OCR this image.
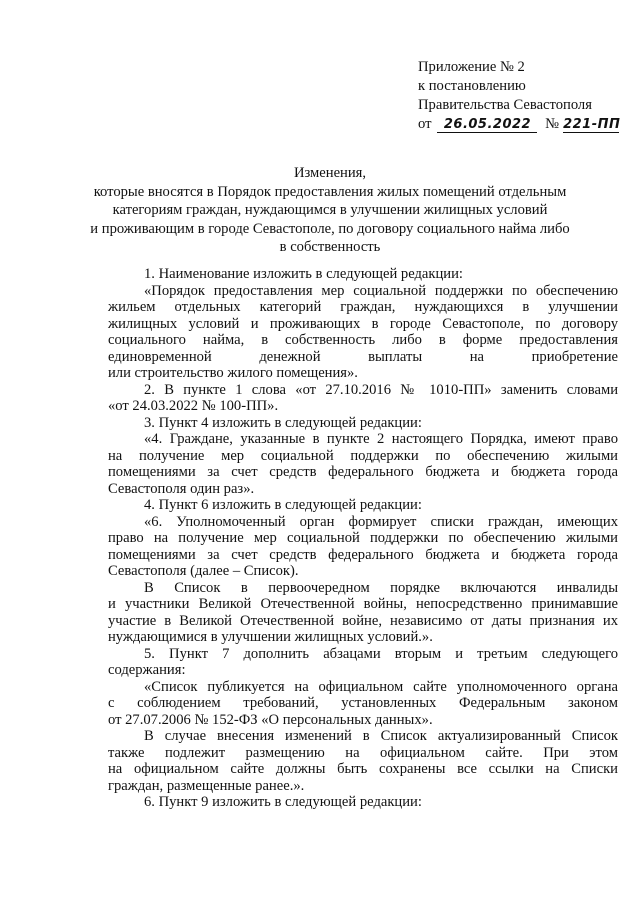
Приложение № 2
к постановлению
Правительства Севастополя
от 26.05.2022 № 221-ПП
Изменения,
которые вносятся в Порядок предоставления жилых помещений отдельным
категориям граждан, нуждающимся в улучшении жилищных условий
и проживающим в городе Севастополе, по договору социального найма либо
в собственность
1. Наименование изложить в следующей редакции:
«Порядок предоставления мер социальной поддержки по обеспечению
жильем отдельных категорий граждан, нуждающихся в улучшении
жилищных условий и проживающих в городе Севастополе, по договору
социального найма, в собственность либо в форме предоставления
единовременной денежной выплаты на приобретение
или строительство жилого помещения».
2. В пункте 1 слова «от 27.10.2016 № 1010-ПП» заменить словами
«от 24.03.2022 № 100-ПП».
3. Пункт 4 изложить в следующей редакции:
«4. Граждане, указанные в пункте 2 настоящего Порядка, имеют право
на получение мер социальной поддержки по обеспечению жилыми
помещениями за счет средств федерального бюджета и бюджета города
Севастополя один раз».
4. Пункт 6 изложить в следующей редакции:
«6. Уполномоченный орган формирует списки граждан, имеющих
право на получение мер социальной поддержки по обеспечению жилыми
помещениями за счет средств федерального бюджета и бюджета города
Севастополя (далее – Список).
В Список в первоочередном порядке включаются инвалиды
и участники Великой Отечественной войны, непосредственно принимавшие
участие в Великой Отечественной войне, независимо от даты признания их
нуждающимися в улучшении жилищных условий.».
5. Пункт 7 дополнить абзацами вторым и третьим следующего
содержания:
«Список публикуется на официальном сайте уполномоченного органа
с соблюдением требований, установленных Федеральным законом
от 27.07.2006 № 152-ФЗ «О персональных данных».
В случае внесения изменений в Список актуализированный Список
также подлежит размещению на официальном сайте. При этом
на официальном сайте должны быть сохранены все ссылки на Списки
граждан, размещенные ранее.».
6. Пункт 9 изложить в следующей редакции:
